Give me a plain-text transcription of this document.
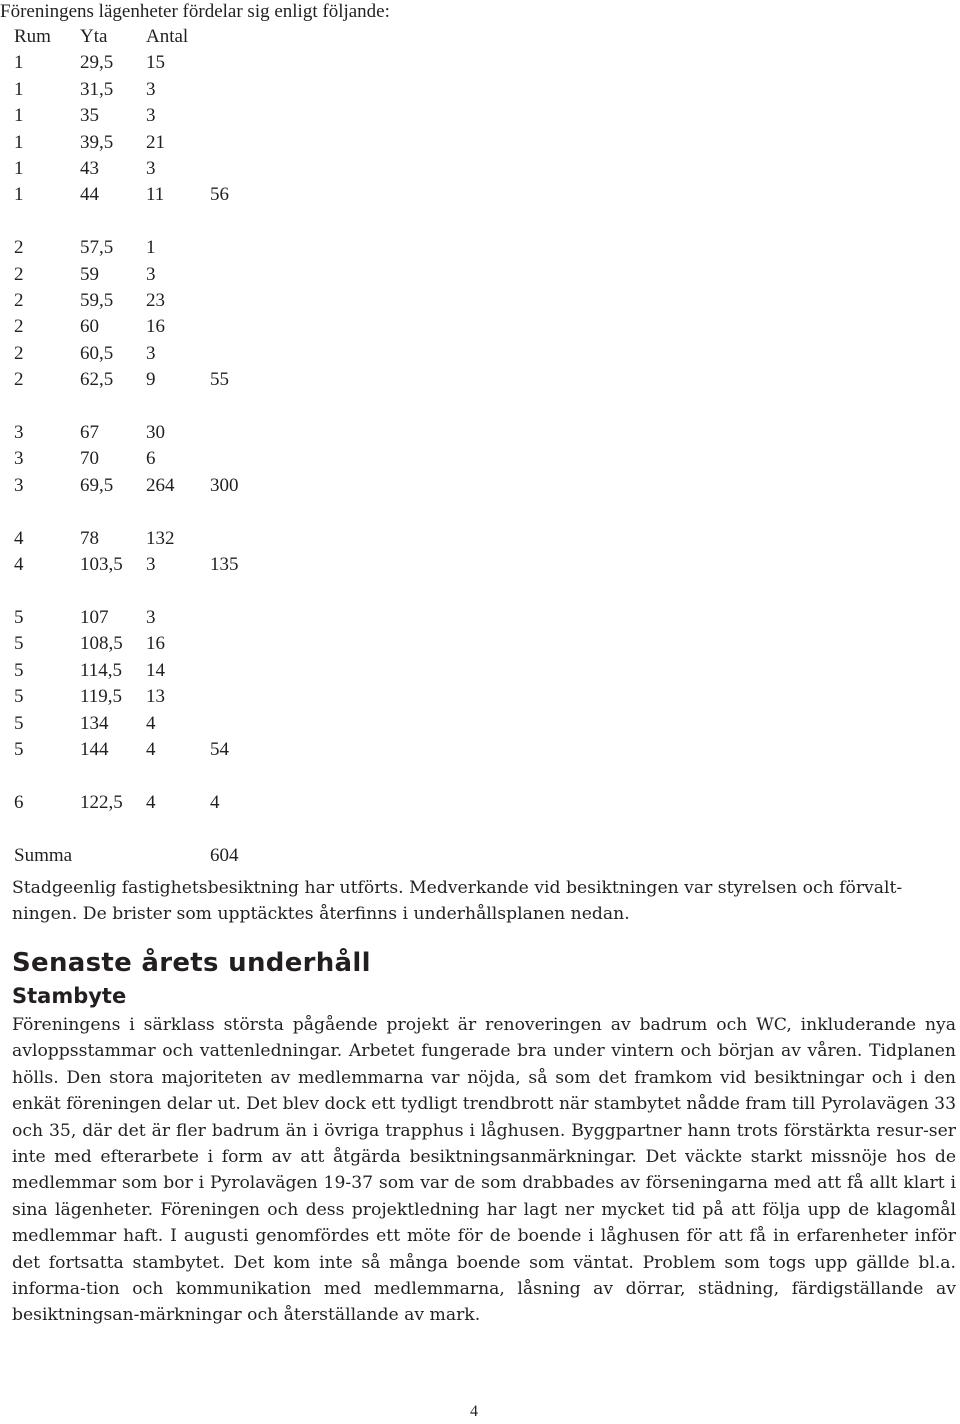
Föreningens lägenheter fördelar sig enligt följande:
Rum	Yta	Antal	
1	29,5	15	
1	31,5	3	
1	35	3	
1	39,5	21	
1	43	3	
1	44	11	56

2	57,5	1	
2	59	3	
2	59,5	23	
2	60	16	
2	60,5	3	
2	62,5	9	55

3	67	30	
3	70	6	
3	69,5	264	300

4	78	132	
4	103,5	3	135

5	107	3	
5	108,5	16	
5	114,5	14	
5	119,5	13	
5	134	4	
5	144	4	54

6	122,5	4	4

Summa			604
Stadgeenlig fastighetsbesiktning har utförts. Medverkande vid besiktningen var styrelsen och förvalt-ningen. De brister som upptäcktes återfinns i underhållsplanen nedan.
Senaste årets underhåll
Stambyte
Föreningens i särklass största pågående projekt är renoveringen av badrum och WC, inkluderande nya avloppsstammar och vattenledningar. Arbetet fungerade bra under vintern och början av våren. Tidplanen hölls. Den stora majoriteten av medlemmarna var nöjda, så som det framkom vid besiktningar och i den enkät föreningen delar ut. Det blev dock ett tydligt trendbrott när stambytet nådde fram till Pyrolavägen 33 och 35, där det är fler badrum än i övriga trapphus i låghusen. Byggpartner hann trots förstärkta resur-ser inte med efterarbete i form av att åtgärda besiktningsanmärkningar. Det väckte starkt missnöje hos de medlemmar som bor i Pyrolavägen 19-37 som var de som drabbades av förseningarna med att få allt klart i sina lägenheter. Föreningen och dess projektledning har lagt ner mycket tid på att följa upp de klagomål medlemmar haft. I augusti genomfördes ett möte för de boende i låghusen för att få in erfarenheter inför det fortsatta stambytet. Det kom inte så många boende som väntat. Problem som togs upp gällde bl.a. informa-tion och kommunikation med medlemmarna, låsning av dörrar, städning, färdigställande av besiktningsan-märkningar och återställande av mark.
4
